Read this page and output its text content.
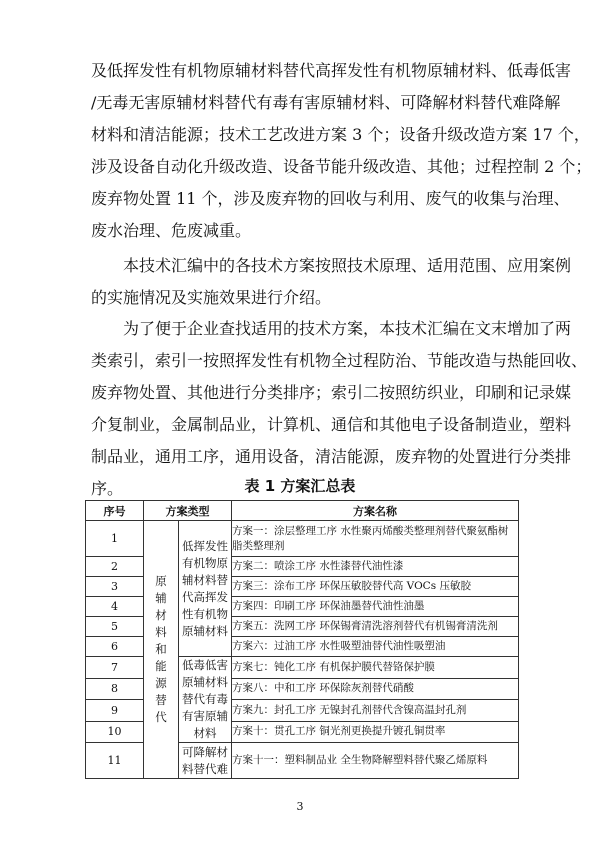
及低挥发性有机物原辅材料替代高挥发性有机物原辅材料、低毒低害
/无毒无害原辅材料替代有毒有害原辅材料、可降解材料替代难降解
材料和清洁能源；技术工艺改进方案 3 个；设备升级改造方案 17 个，
涉及设备自动化升级改造、设备节能升级改造、其他；过程控制 2 个；
废弃物处置 11 个，涉及废弃物的回收与利用、废气的收集与治理、
废水治理、危废减重。
本技术汇编中的各技术方案按照技术原理、适用范围、应用案例
的实施情况及实施效果进行介绍。
为了便于企业查找适用的技术方案，本技术汇编在文末增加了两
类索引，索引一按照挥发性有机物全过程防治、节能改造与热能回收、
废弃物处置、其他进行分类排序；索引二按照纺织业，印刷和记录媒
介复制业，金属制品业，计算机、通信和其他电子设备制造业，塑料
制品业，通用工序，通用设备，清洁能源，废弃物的处置进行分类排
序。	表 1 方案汇总表
序号	方案类型		方案名称
1	原辅材料和能源替代	低挥发性有机物原辅材料替代高挥发性有机物原辅材料	方案一：涂层整理工序 水性聚丙烯酸类整理剂替代聚氨酯树脂类整理剂
2			方案二：喷涂工序 水性漆替代油性漆
3			方案三：涂布工序 环保压敏胶替代高 VOCs 压敏胶
4			方案四：印刷工序 环保油墨替代油性油墨
5			方案五：洗网工序 环保锡膏清洗溶剂替代有机锡膏清洗剂
6			方案六：过油工序 水性吸塑油替代油性吸塑油
7		低毒低害原辅材料替代有毒有害原辅材料	方案七：钝化工序 有机保护膜代替铬保护膜
8			方案八：中和工序 环保除灰剂替代硝酸
9			方案九：封孔工序 无镍封孔剂替代含镍高温封孔剂
10			方案十：贯孔工序 铜光剂更换提升镀孔铜贯率
11		可降解材料替代难	方案十一：塑料制品业 全生物降解塑料替代聚乙烯原料
3
